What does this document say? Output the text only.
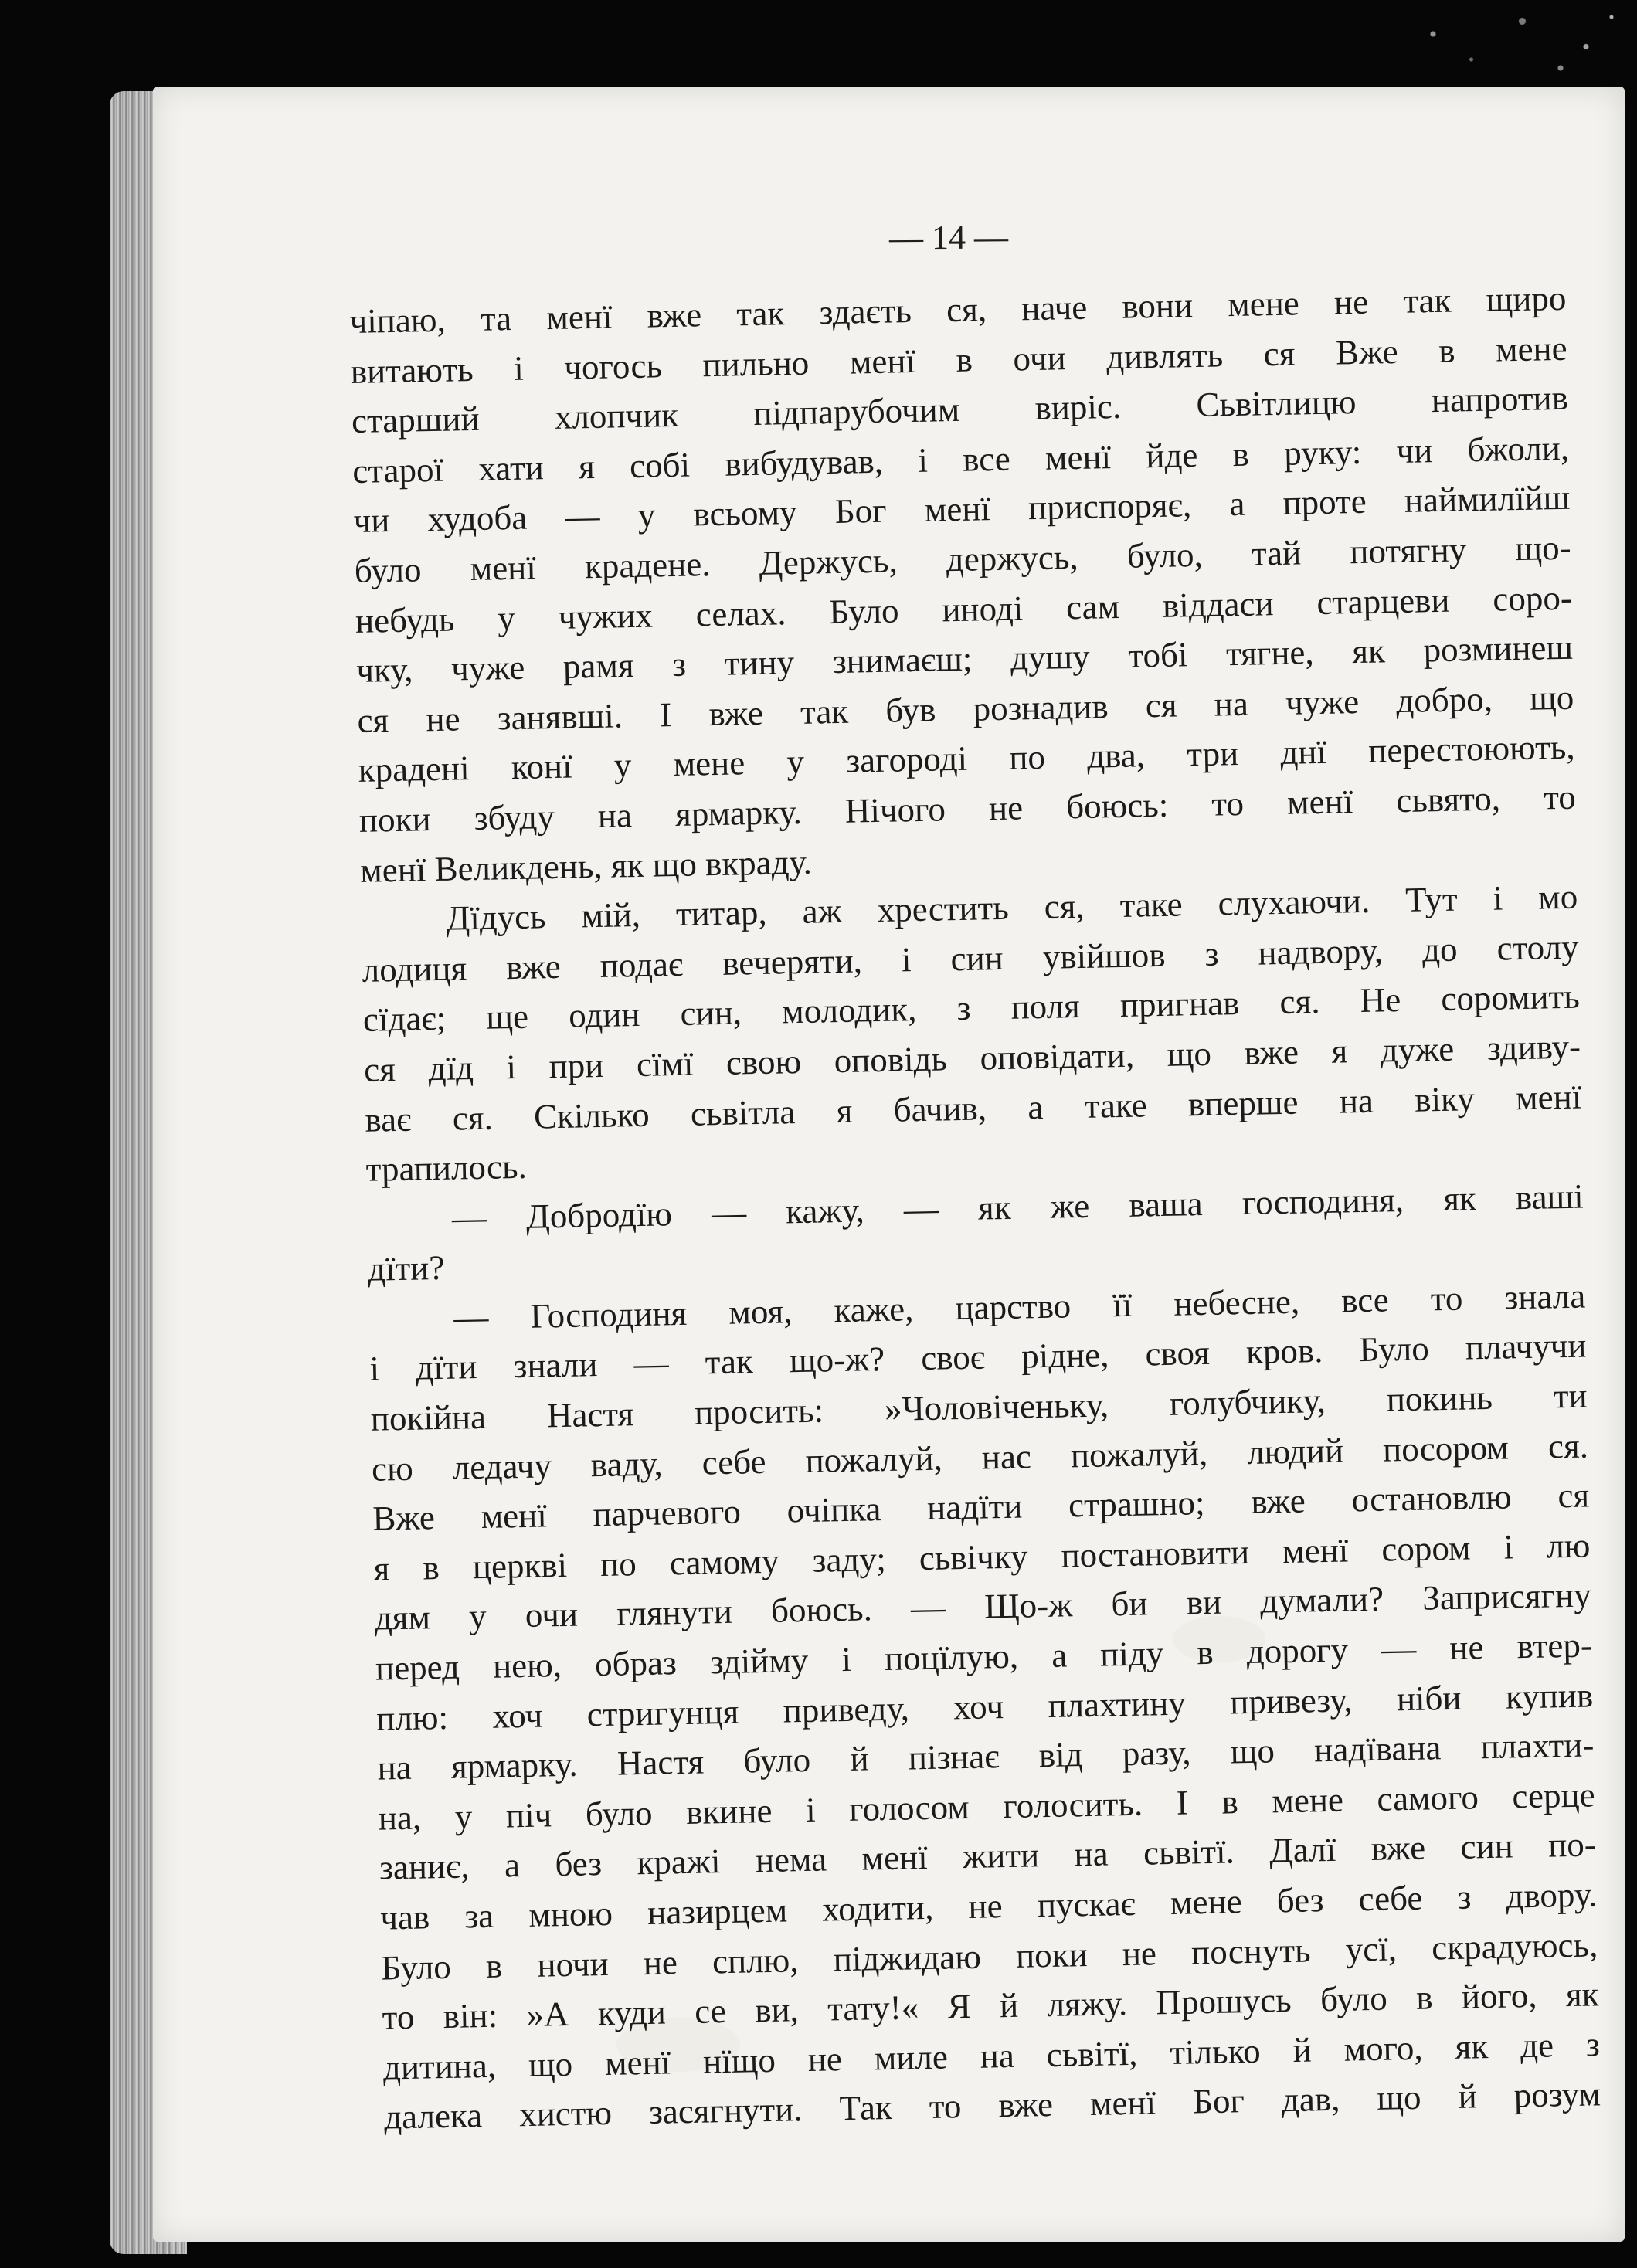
— 14 —
чіпаю, та менї вже так здаєть ся, наче вони мене не так щиро
витають і чогось пильно менї в очи дивлять ся Вже в мене
старший хлопчик підпарубочим виріс. Сьвітлицю напротив
старої хати я собі вибудував, і все менї йде в руку: чи бжоли,
чи худоба — у всьому Бог менї приспоряє, а проте наймилїйш
було менї крадене. Держусь, держусь, було, тай потягну що-
небудь у чужих селах. Було иноді сам віддаси старцеви соро-
чку, чуже рамя з тину знимаєш; душу тобі тягне, як розминеш
ся не занявші. І вже так був рознадив ся на чуже добро, що
крадені конї у мене у загороді по два, три днї перестоюють,
поки збуду на ярмарку. Нічого не боюсь: то менї сьвято, то
менї Великдень, як що вкраду.
Дїдусь мій, титар, аж хрестить ся, таке слухаючи. Тут і мо
лодиця вже подає вечеряти, і син увійшов з надвору, до столу
сїдає; ще один син, молодик, з поля пригнав ся. Не соромить
ся дїд і при сїмї свою оповідь оповідати, що вже я дуже здиву-
ває ся. Скілько сьвітла я бачив, а таке вперше на віку менї
трапилось.
— Добродїю — кажу, — як же ваша господиня, як ваші
дїти?
— Господиня моя, каже, царство її небесне, все то знала
і дїти знали — так що-ж? своє рідне, своя кров. Було плачучи
покійна Настя просить: »Чоловіченьку, голубчику, покинь ти
сю ледачу ваду, себе пожалуй, нас пожалуй, людий посором ся.
Вже менї парчевого очіпка надїти страшно; вже остановлю ся
я в церкві по самому заду; сьвічку постановити менї сором і лю
дям у очи глянути боюсь. — Що-ж би ви думали? Заприсягну
перед нею, образ здійму і поцїлую, а піду в дорогу — не втер-
плю: хоч стригунця приведу, хоч плахтину привезу, ніби купив
на ярмарку. Настя було й пізнає від разу, що надївана плахти-
на, у піч було вкине і голосом голосить. І в мене самого серце
заниє, а без кражі нема менї жити на сьвітї. Далї вже син по-
чав за мною назирцем ходити, не пускає мене без себе з двору.
Було в ночи не сплю, піджидаю поки не поснуть усї, скрадуюсь,
то він: »А куди се ви, тату!« Я й ляжу. Прошусь було в його, як
дитина, що менї нїщо не миле на сьвітї, тілько й мого, як де з
далека хистю засягнути. Так то вже менї Бог дав, що й розум
